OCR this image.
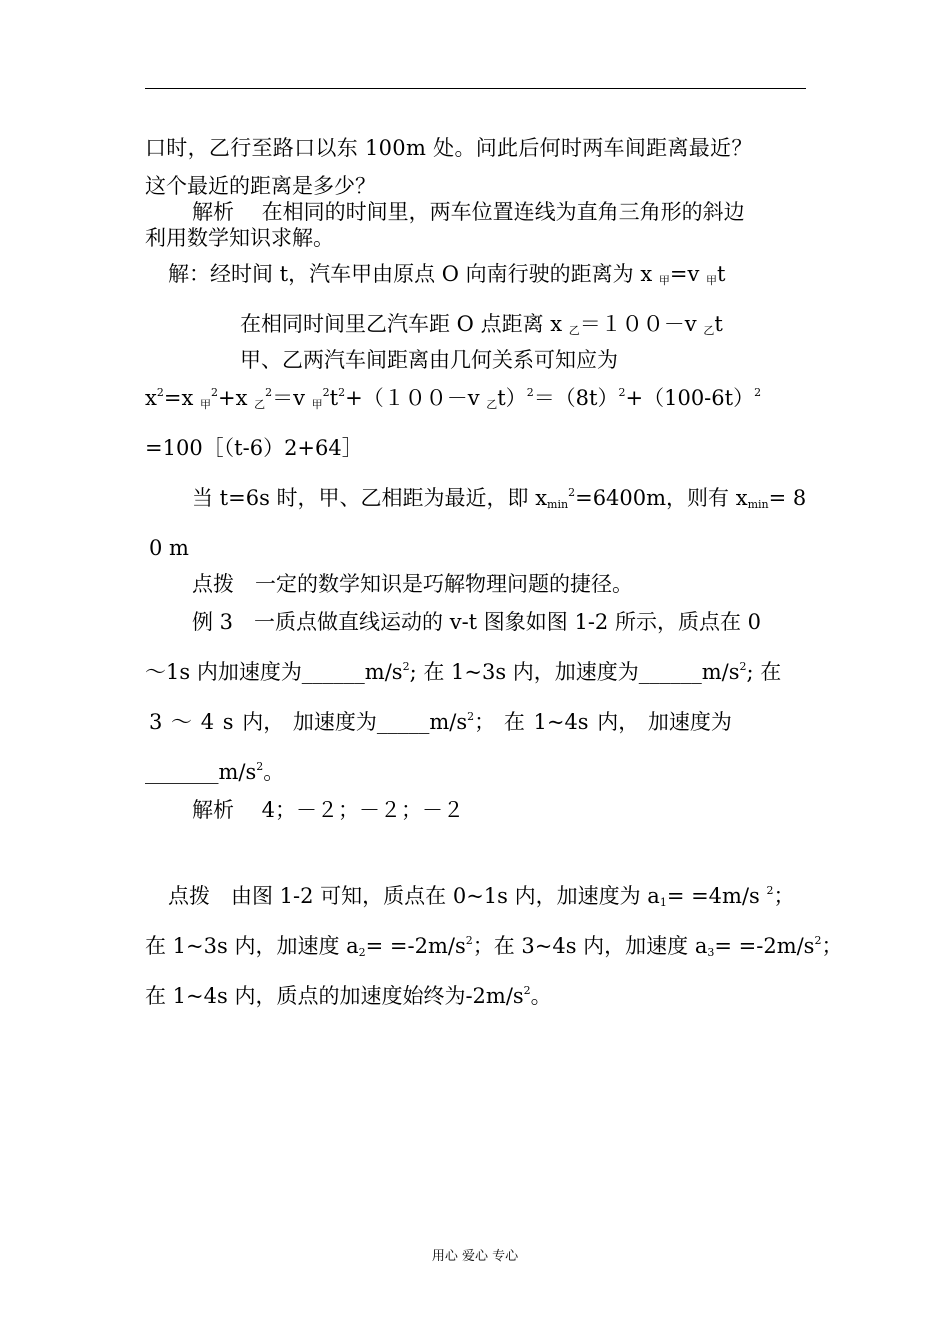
口时，乙行至路口以东 100m 处。问此后何时两车间距离最近？
这个最近的距离是多少？
解析　 在相同的时间里，两车位置连线为直角三角形的斜边
利用数学知识求解。
解：经时间 t，汽车甲由原点 O 向南行驶的距离为 x $_甲$=v $_甲$t
在相同时间里乙汽车距 O 点距离 x $_乙$＝１００－v $_乙$t
甲、乙两汽车间距离由几何关系可知应为
$x^2=x$ $_甲^2$+x $_乙^2$＝v $_甲^2t^2+(100-v$ $_乙t)^2=(8t)^2+(100-6t)^2$
=100［（t-6）2+64］
当 t=6s 时，甲、乙相距为最近，即 $x_{min}^2=6400m$，则有 $x_{min}= 8$
0 m
点拨　一定的数学知识是巧解物理问题的捷径。
例 3　一质点做直线运动的 v-t 图象如图 1-2 所示，质点在 0
～1s 内加速度为$\_\_\_\_\_\_m/s^2$; 在 1~3s 内，加速度为$\_\_\_\_\_\_m/s^2$; 在
3 ～ 4 s 内， 加速度为$\_\_\_\_\_m/s^2$； 在 1~4s 内， 加速度为
$\_\_\_\_\_\_\_m/s^2$。
解析　 4；－２；－２；－２
点拨　由图 1-2 可知，质点在 0~1s 内，加速度为 $a_1= =4m/s$ $^2$；
在 1~3s 内，加速度 $a_2= =-2m/s^2$；在 3~4s 内，加速度 $a_3= =-2m/s^2$；
在 1~4s 内，质点的加速度始终为$-2m/s^2$。
用心 爱心 专心
